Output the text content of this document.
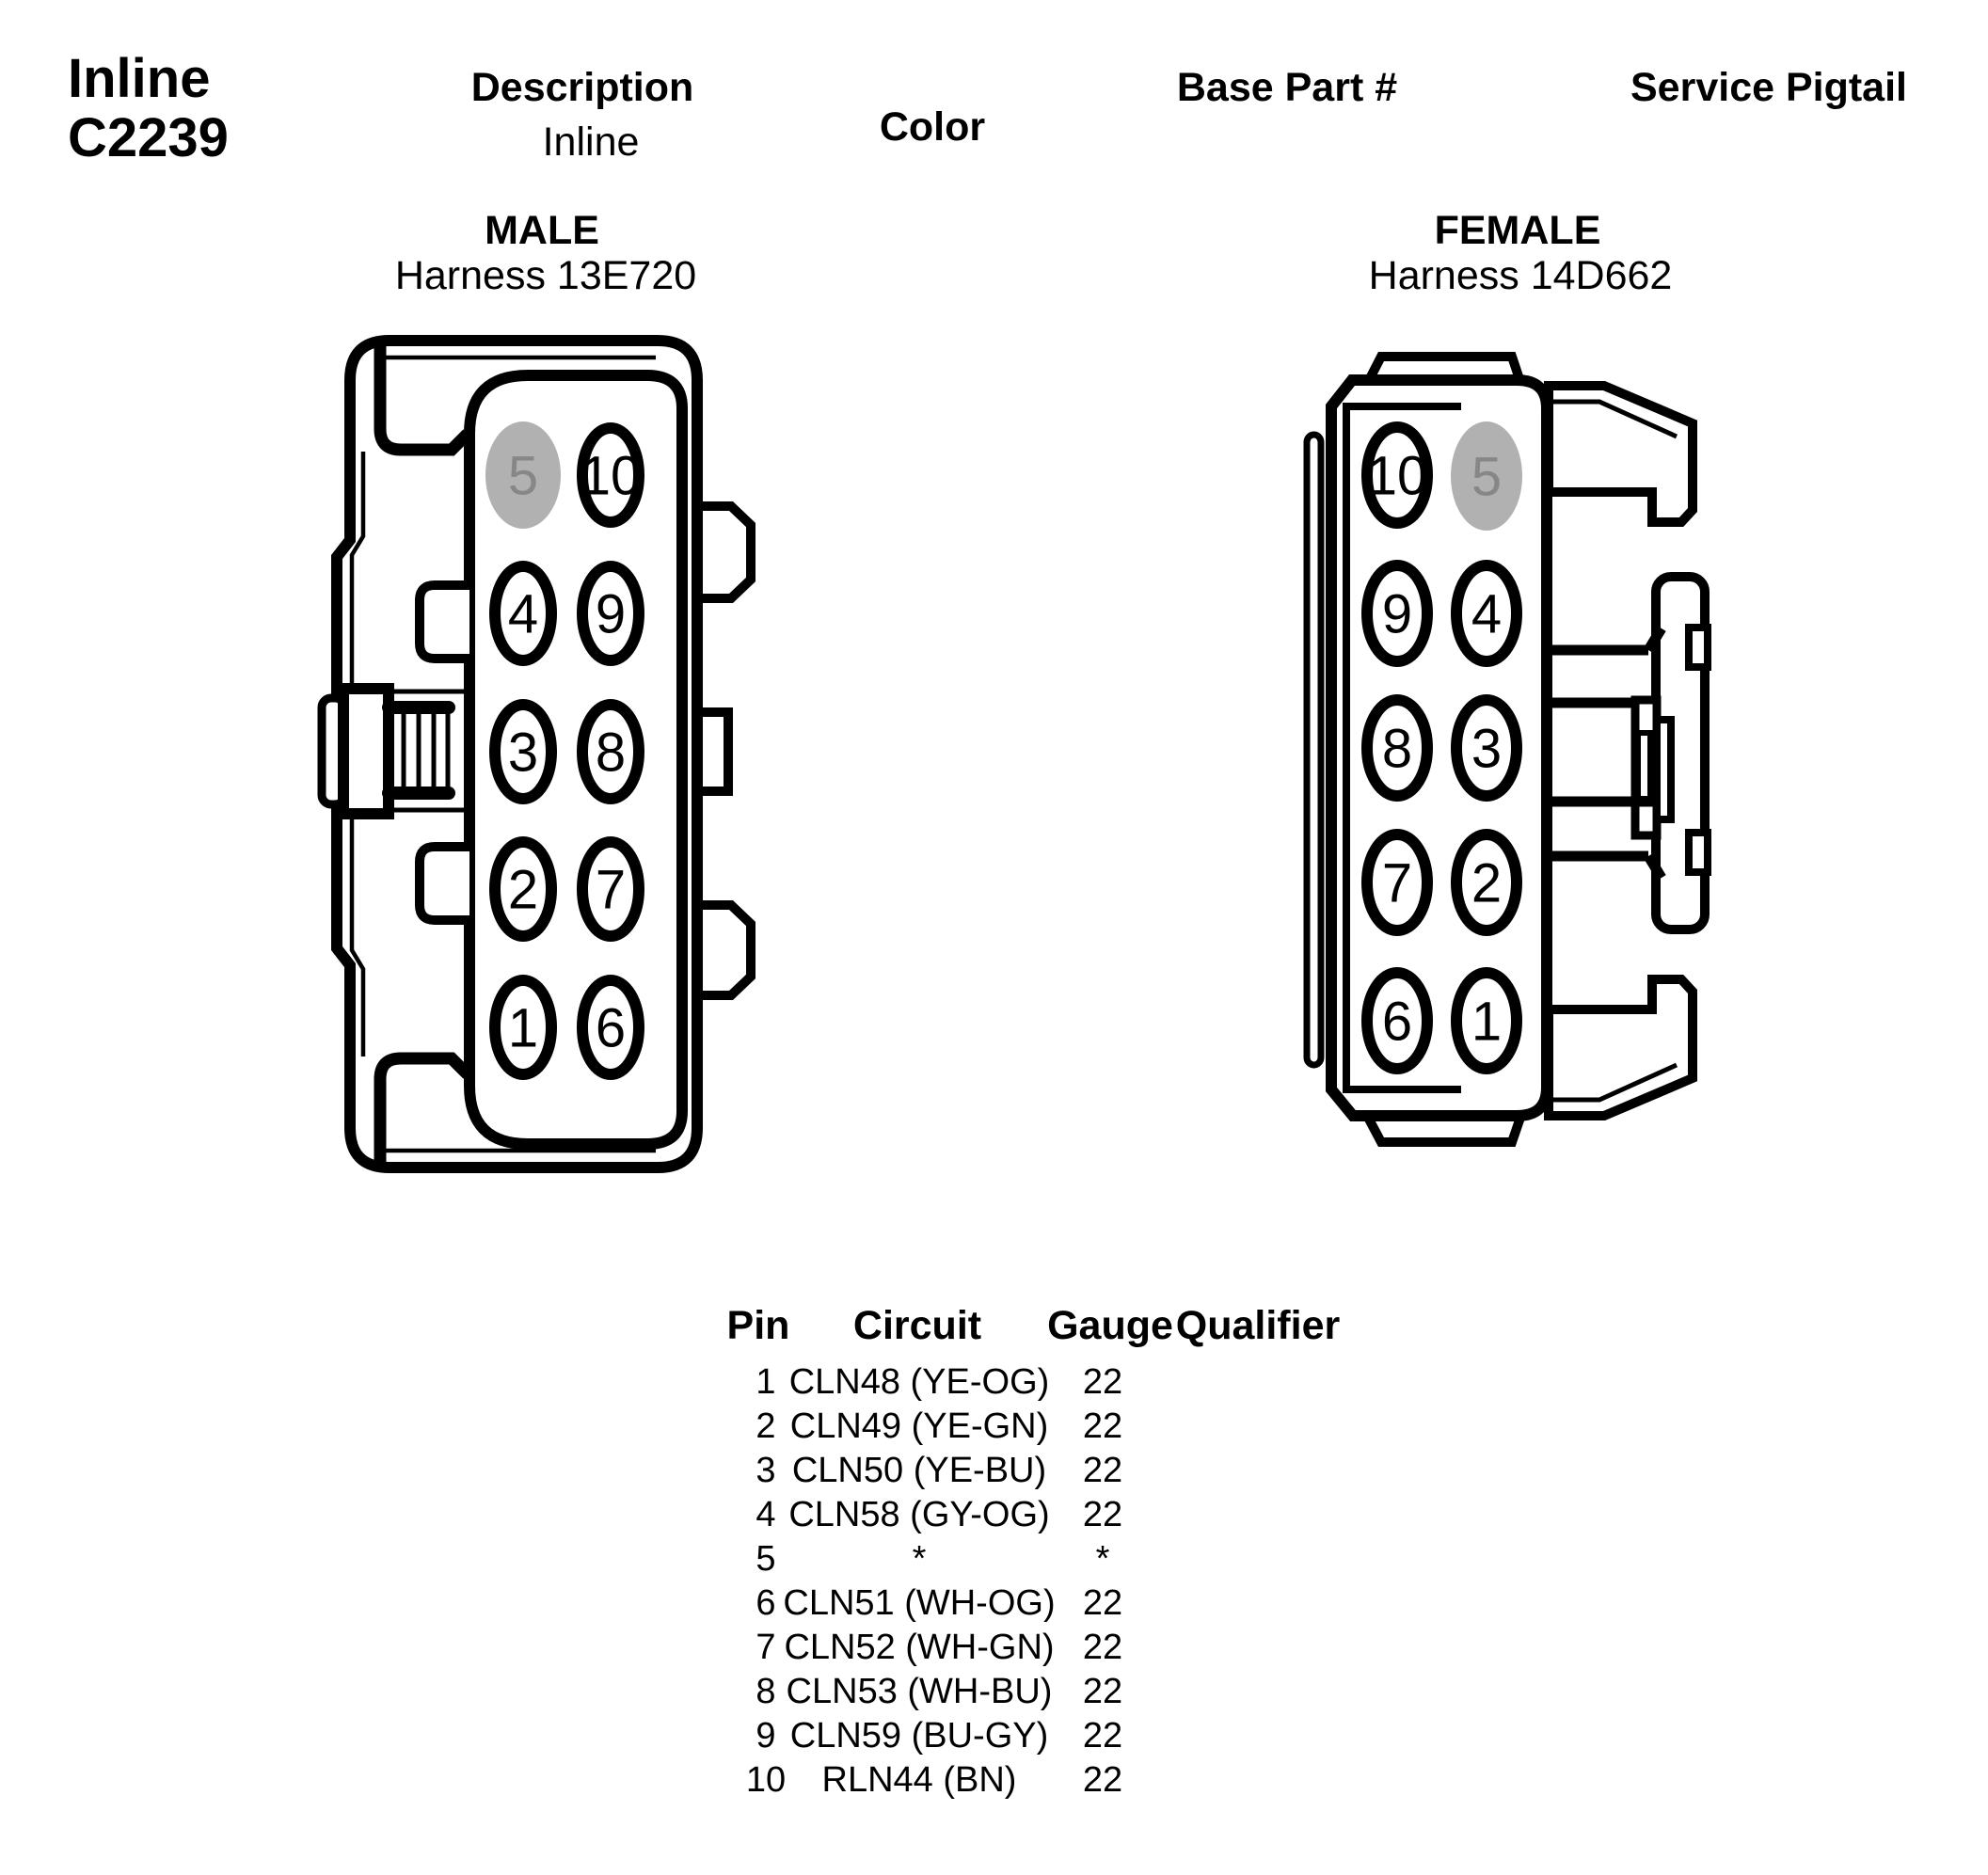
Inline
C2239
Description
Inline	Color
Base Part #	Service Pigtail
MALE
Harness 13E720
FEMALE
Harness 14D662
5 10
4 9
3 8
2 7
1 6
10 5
9 4
8 3
7 2
6 1
Pin Circuit Gauge Qualifier
1 CLN48 (YE-OG) 22
2 CLN49 (YE-GN) 22
3 CLN50 (YE-BU)	22
4 CLN58 (GY-OG) 22
5	*	*
6 CLN51 (WH-OG) 22
7 CLN52 (WH-GN) 22
8 CLN53 (WH-BU) 22
9 CLN59 (BU-GY) 22
10	RLN44 (BN)	22
